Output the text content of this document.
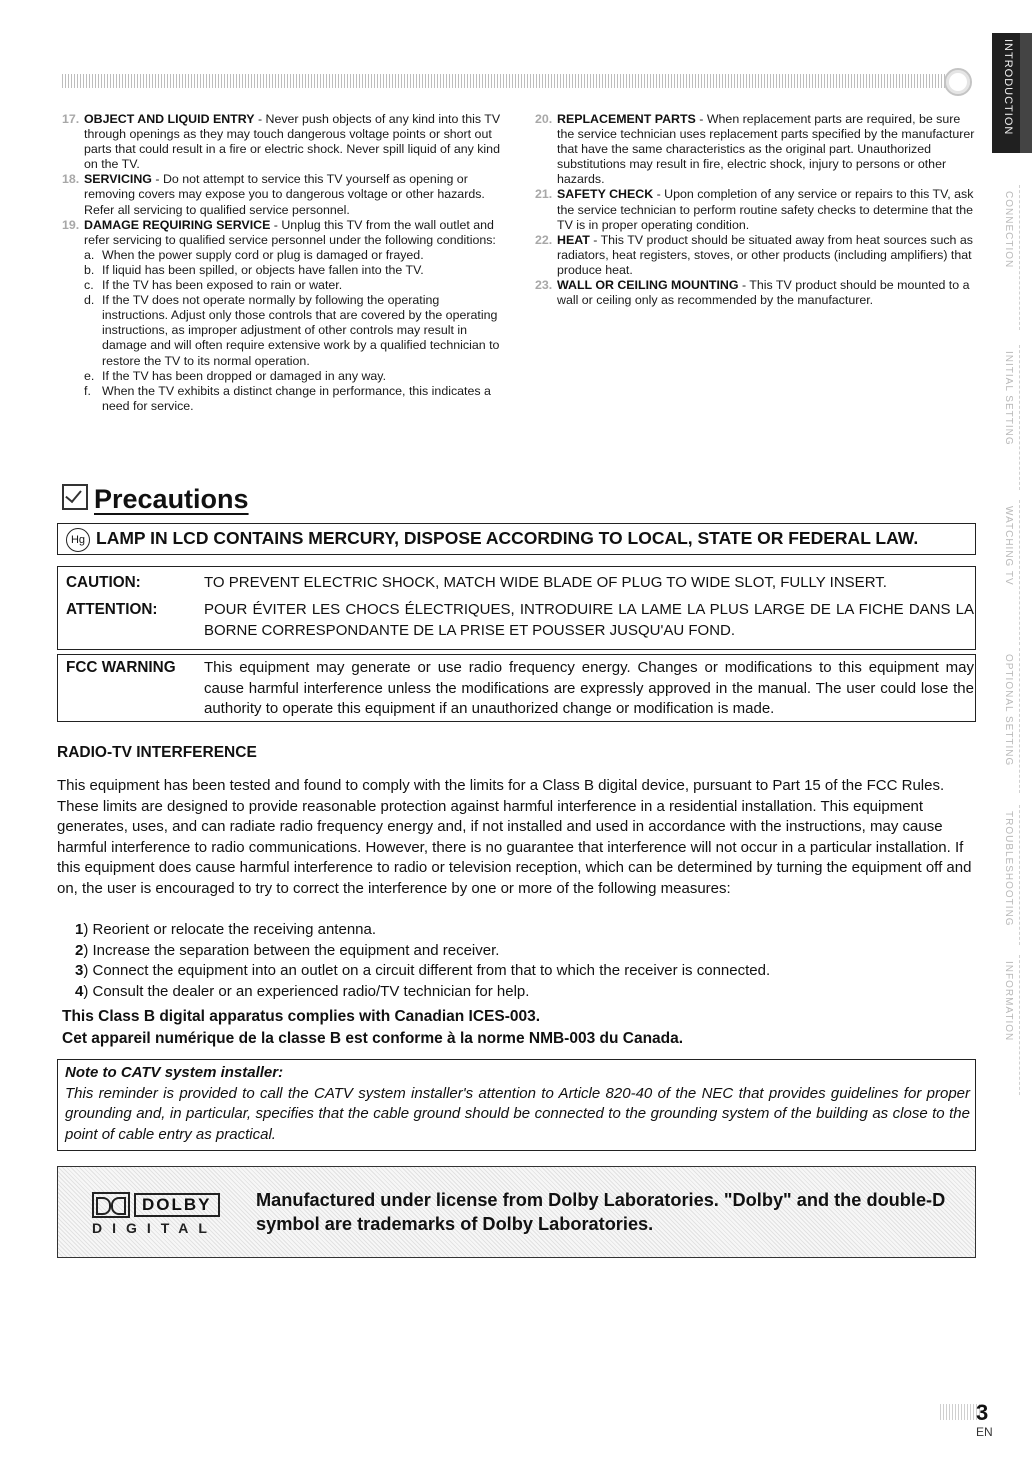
17. OBJECT AND LIQUID ENTRY - Never push objects of any kind into this TV through openings as they may touch dangerous voltage points or short out parts that could result in a fire or electric shock. Never spill liquid of any kind on the TV.
18. SERVICING - Do not attempt to service this TV yourself as opening or removing covers may expose you to dangerous voltage or other hazards. Refer all servicing to qualified service personnel.
19. DAMAGE REQUIRING SERVICE - Unplug this TV from the wall outlet and refer servicing to qualified service personnel under the following conditions:
a. When the power supply cord or plug is damaged or frayed.
b. If liquid has been spilled, or objects have fallen into the TV.
c. If the TV has been exposed to rain or water.
d. If the TV does not operate normally by following the operating instructions. Adjust only those controls that are covered by the operating instructions, as improper adjustment of other controls may result in damage and will often require extensive work by a qualified technician to restore the TV to its normal operation.
e. If the TV has been dropped or damaged in any way.
f. When the TV exhibits a distinct change in performance, this indicates a need for service.
20. REPLACEMENT PARTS - When replacement parts are required, be sure the service technician uses replacement parts specified by the manufacturer that have the same characteristics as the original part. Unauthorized substitutions may result in fire, electric shock, injury to persons or other hazards.
21. SAFETY CHECK - Upon completion of any service or repairs to this TV, ask the service technician to perform routine safety checks to determine that the TV is in proper operating condition.
22. HEAT - This TV product should be situated away from heat sources such as radiators, heat registers, stoves, or other products (including amplifiers) that produce heat.
23. WALL OR CEILING MOUNTING - This TV product should be mounted to a wall or ceiling only as recommended by the manufacturer.
Precautions
Hg LAMP IN LCD CONTAINS MERCURY, DISPOSE ACCORDING TO LOCAL, STATE OR FEDERAL LAW.
CAUTION:	TO PREVENT ELECTRIC SHOCK, MATCH WIDE BLADE OF PLUG TO WIDE SLOT, FULLY INSERT.
ATTENTION:	POUR ÉVITER LES CHOCS ÉLECTRIQUES, INTRODUIRE LA LAME LA PLUS LARGE DE LA FICHE DANS LA BORNE CORRESPONDANTE DE LA PRISE ET POUSSER JUSQU'AU FOND.
FCC WARNING This equipment may generate or use radio frequency energy. Changes or modifications to this equipment may cause harmful interference unless the modifications are expressly approved in the manual. The user could lose the authority to operate this equipment if an unauthorized change or modification is made.
RADIO-TV INTERFERENCE
This equipment has been tested and found to comply with the limits for a Class B digital device, pursuant to Part 15 of the FCC Rules. These limits are designed to provide reasonable protection against harmful interference in a residential installation. This equipment generates, uses, and can radiate radio frequency energy and, if not installed and used in accordance with the instructions, may cause harmful interference to radio communications. However, there is no guarantee that interference will not occur in a particular installation. If this equipment does cause harmful interference to radio or television reception, which can be determined by turning the equipment off and on, the user is encouraged to try to correct the interference by one or more of the following measures:
1) Reorient or relocate the receiving antenna.
2) Increase the separation between the equipment and receiver.
3) Connect the equipment into an outlet on a circuit different from that to which the receiver is connected.
4) Consult the dealer or an experienced radio/TV technician for help.
This Class B digital apparatus complies with Canadian ICES-003.
Cet appareil numérique de la classe B est conforme à la norme NMB-003 du Canada.
Note to CATV system installer:
This reminder is provided to call the CATV system installer's attention to Article 820-40 of the NEC that provides guidelines for proper grounding and, in particular, specifies that the cable ground should be connected to the grounding system of the building as close to the point of cable entry as practical.
DOLBY
DIGITAL
Manufactured under license from Dolby Laboratories. "Dolby" and the double-D symbol are trademarks of Dolby Laboratories.
INTRODUCTION
CONNECTION
INITIAL SETTING
WATCHING TV
OPTIONAL SETTING
TROUBLESHOOTING
INFORMATION
3
EN
